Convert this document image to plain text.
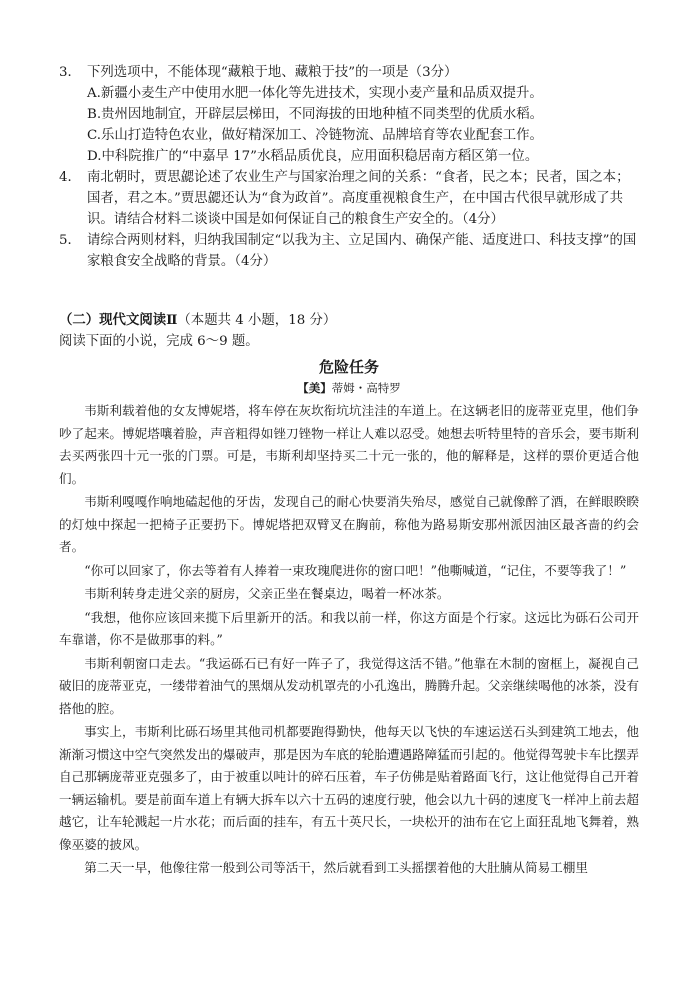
3． 下列选项中，不能体现“藏粮于地、藏粮于技”的一项是（3分）
A.新疆小麦生产中使用水肥一体化等先进技术，实现小麦产量和品质双提升。
B.贵州因地制宜，开辟层层梯田，不同海拔的田地种植不同类型的优质水稻。
C.乐山打造特色农业，做好精深加工、冷链物流、品牌培育等农业配套工作。
D.中科院推广的“中嘉早 17”水稻品质优良，应用面积稳居南方稻区第一位。
4． 南北朝时，贾思勰论述了农业生产与国家治理之间的关系：“食者，民之本；民者，国之本；国者，君之本。”贾思勰还认为“食为政首”。高度重视粮食生产，在中国古代很早就形成了共识。请结合材料二谈谈中国是如何保证自己的粮食生产安全的。（4分）
5． 请综合两则材料，归纳我国制定“以我为主、立足国内、确保产能、适度进口、科技支撑”的国家粮食安全战略的背景。（4分）
（二）现代文阅读Ⅱ（本题共 4 小题，18 分）
阅读下面的小说，完成 6～9 题。
危险任务
【美】蒂姆・高特罗

韦斯利载着他的女友博妮塔，将车停在灰坎衔坑坑洼洼的车道上。在这辆老旧的庞蒂亚克里，他们争吵了起来。博妮塔嚷着脸，声音粗得如锉刀锉物一样让人难以忍受。她想去听特里特的音乐会，要韦斯利去买两张四十元一张的门票。可是，韦斯利却坚持买二十元一张的，他的解释是，这样的票价更适合他们。

韦斯利嘎嘎作响地磕起他的牙齿，发现自己的耐心快要消失殆尽，感觉自己就像醉了酒，在鲜眼睽睽的灯烛中探起一把椅子正要扔下。博妮塔把双臂叉在胸前，称他为路易斯安那州派因油区最吝啬的约会者。

“你可以回家了，你去等着有人捧着一束玫瑰爬进你的窗口吧！”他嘶喊道，“记住，不要等我了！”

韦斯利转身走进父亲的厨房，父亲正坐在餐桌边，喝着一杯冰茶。

“我想，他你应该回来揽下后里新开的活。和我以前一样，你这方面是个行家。这远比为砾石公司开车靠谱，你不是做那事的料。”

韦斯利朝窗口走去。“我运砾石已有好一阵子了，我觉得这活不错。”他靠在木制的窗框上，凝视自己破旧的庞蒂亚克，一缕带着油气的黑烟从发动机罩壳的小孔逸出，腾腾升起。父亲继续喝他的冰茶，没有搭他的腔。

事实上，韦斯利比砾石场里其他司机都要跑得勤快，他每天以飞快的车速运送石头到建筑工地去，他渐渐习惯这中空气突然发出的爆破声，那是因为车底的轮胎遭遇路障猛而引起的。他觉得驾驶卡车比摆弄自己那辆庞蒂亚克强多了，由于被重以吨计的碎石压着，车子仿佛是贴着路面飞行，这让他觉得自己开着一辆运输机。要是前面车道上有辆大拆车以六十五码的速度行驶，他会以九十码的速度飞一样冲上前去超越它，让车轮溅起一片水花；而后面的挂车，有五十英尺长，一块松开的油布在它上面狂乱地飞舞着，熟像巫婆的披风。

第二天一早，他像往常一般到公司等活干，然后就看到工头摇摆着他的大肚腩从简易工棚里
